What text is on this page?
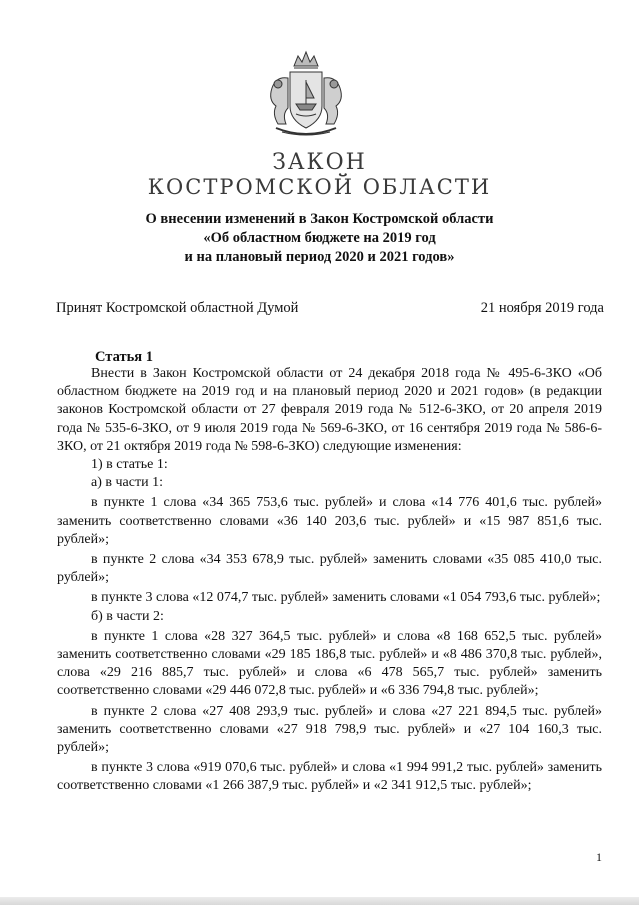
ЗАКОН
КОСТРОМСКОЙ ОБЛАСТИ
О внесении изменений в Закон Костромской области
«Об областном бюджете на 2019 год
и на плановый период 2020 и 2021 годов»
Принят Костромской областной Думой	21 ноября 2019 года
Статья 1

Внести в Закон Костромской области от 24 декабря 2018 года № 495-6-ЗКО «Об областном бюджете на 2019 год и на плановый период 2020 и 2021 годов» (в редакции законов Костромской области от 27 февраля 2019 года № 512-6-ЗКО, от 20 апреля 2019 года № 535-6-ЗКО, от 9 июля 2019 года № 569-6-ЗКО, от 16 сентября 2019 года № 586-6-ЗКО, от 21 октября 2019 года № 598-6-ЗКО) следующие изменения:

1) в статье 1:

а) в части 1:

в пункте 1 слова «34 365 753,6 тыс. рублей» и слова «14 776 401,6 тыс. рублей» заменить соответственно словами «36 140 203,6 тыс. рублей» и «15 987 851,6 тыс. рублей»;

в пункте 2 слова «34 353 678,9 тыс. рублей» заменить словами «35 085 410,0 тыс. рублей»;

в пункте 3 слова «12 074,7 тыс. рублей» заменить словами «1 054 793,6 тыс. рублей»;

б) в части 2:

в пункте 1 слова «28 327 364,5 тыс. рублей» и слова «8 168 652,5 тыс. рублей» заменить соответственно словами «29 185 186,8 тыс. рублей» и «8 486 370,8 тыс. рублей», слова «29 216 885,7 тыс. рублей» и слова «6 478 565,7 тыс. рублей» заменить соответственно словами «29 446 072,8 тыс. рублей» и «6 336 794,8 тыс. рублей»;

в пункте 2 слова «27 408 293,9 тыс. рублей» и слова «27 221 894,5 тыс. рублей» заменить соответственно словами «27 918 798,9 тыс. рублей» и «27 104 160,3 тыс. рублей»;

в пункте 3 слова «919 070,6 тыс. рублей» и слова «1 994 991,2 тыс. рублей» заменить соответственно словами «1 266 387,9 тыс. рублей» и «2 341 912,5 тыс. рублей»;

1
